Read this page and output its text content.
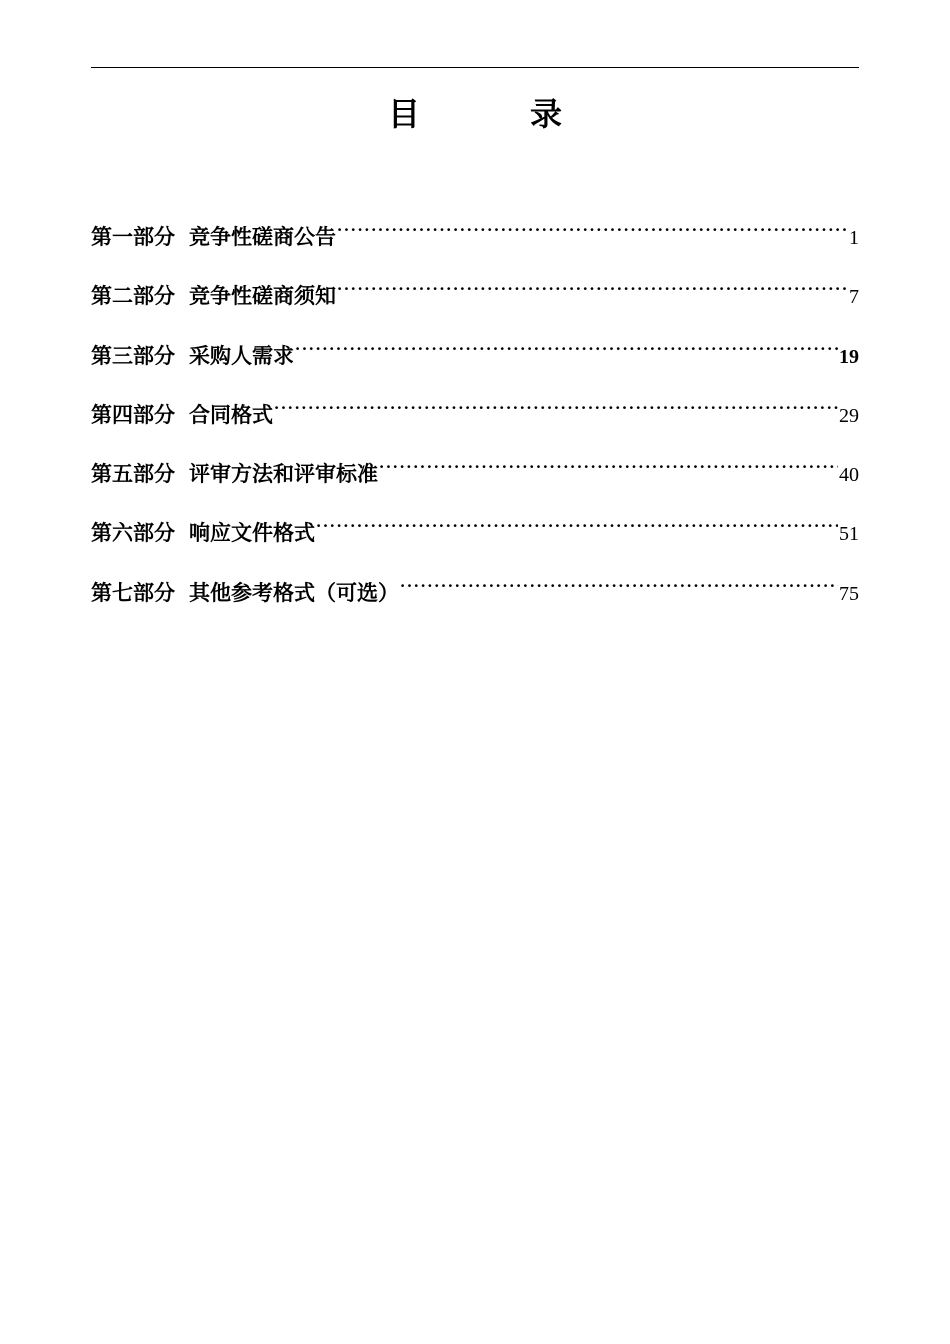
目	录
第一部分 竞争性磋商公告 .....	1
第二部分 竞争性磋商须知 .....	7
第三部分 采购人需求 .....	19
第四部分 合同格式 .....	29
第五部分 评审方法和评审标准 .....	40
第六部分 响应文件格式 .....	51
第七部分 其他参考格式（可选） .....	75
